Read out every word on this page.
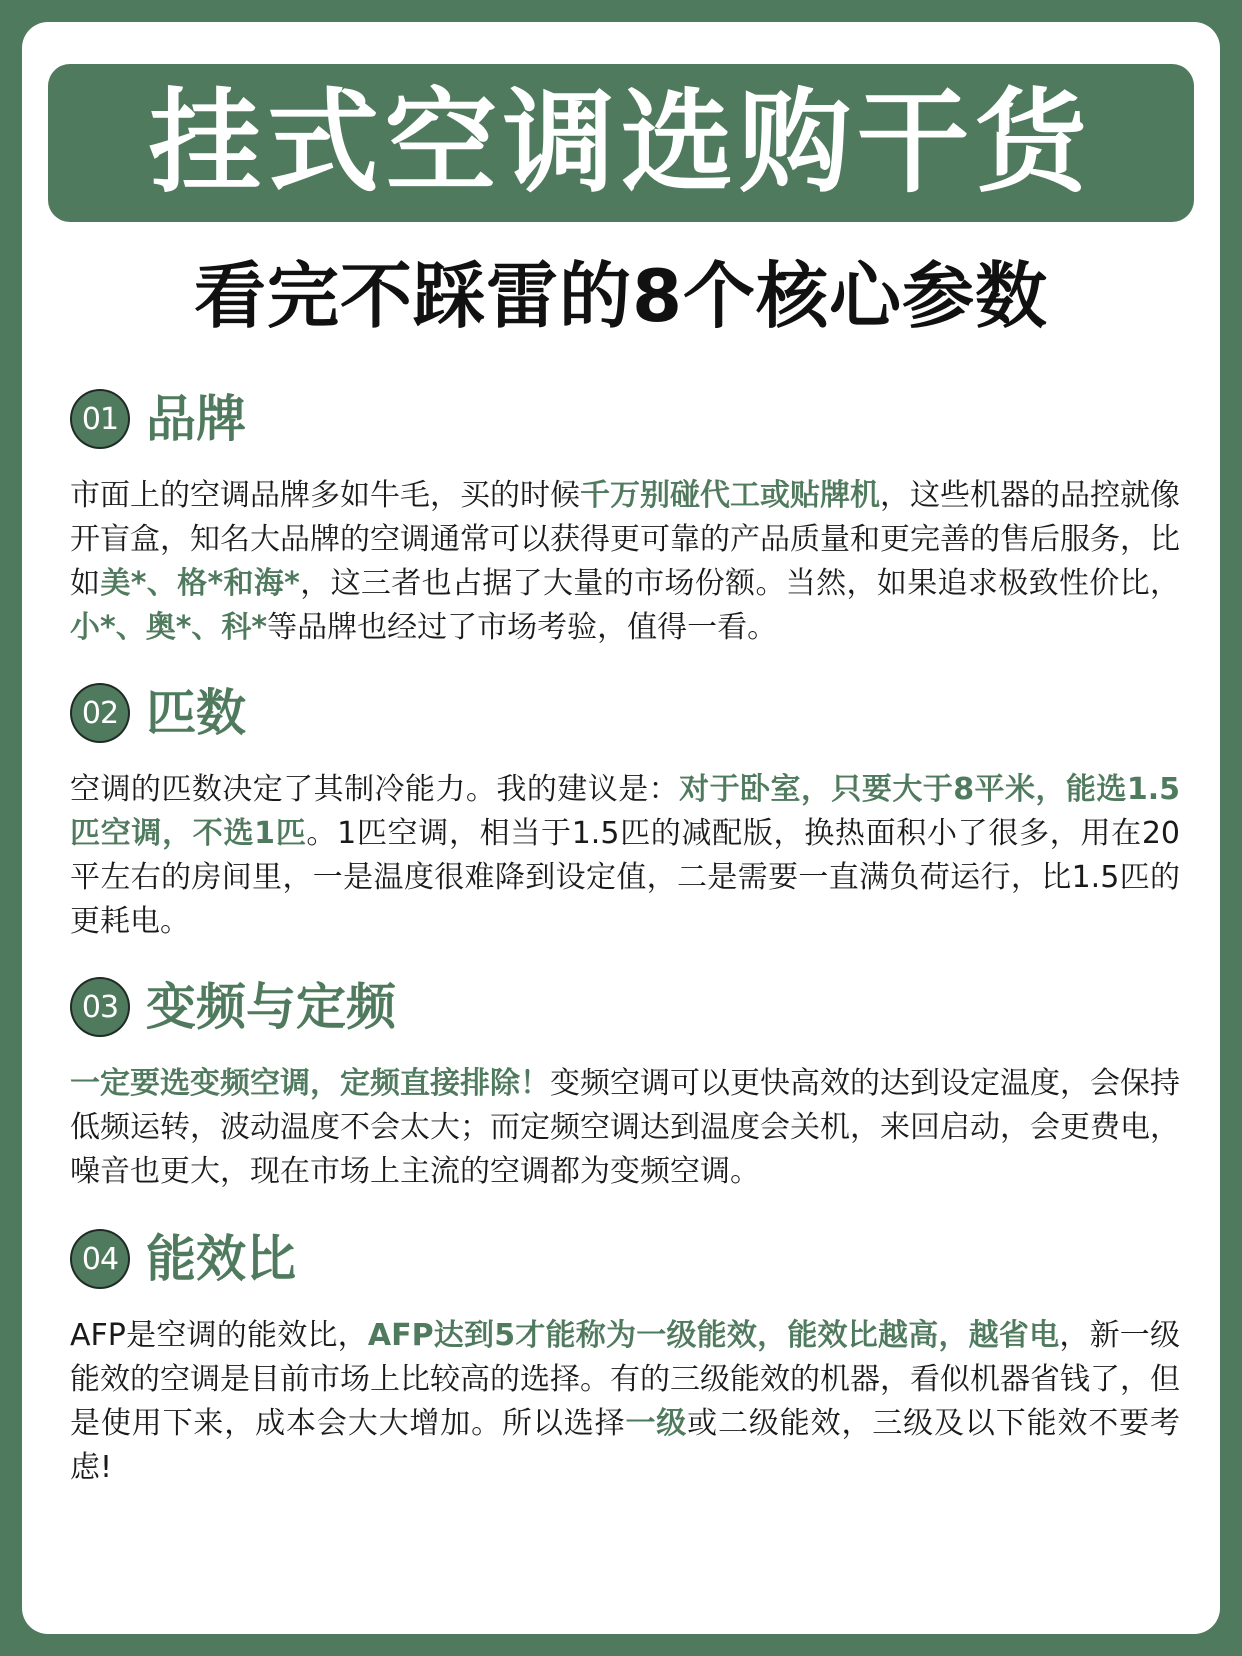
挂式空调选购干货
看完不踩雷的8个核心参数
01 品牌
市面上的空调品牌多如牛毛，买的时候千万别碰代工或贴牌机，这些机器的品控就像开盲盒，知名大品牌的空调通常可以获得更可靠的产品质量和更完善的售后服务，比如美*、格*和海*，这三者也占据了大量的市场份额。当然，如果追求极致性价比，小*、奥*、科*等品牌也经过了市场考验，值得一看。
02 匹数
空调的匹数决定了其制冷能力。我的建议是：对于卧室，只要大于8平米，能选1.5匹空调，不选1匹。1匹空调，相当于1.5匹的减配版，换热面积小了很多，用在20平左右的房间里，一是温度很难降到设定值，二是需要一直满负荷运行，比1.5匹的更耗电。
03 变频与定频
一定要选变频空调，定频直接排除！变频空调可以更快高效的达到设定温度，会保持低频运转，波动温度不会太大；而定频空调达到温度会关机，来回启动，会更费电，噪音也更大，现在市场上主流的空调都为变频空调。
04 能效比
AFP是空调的能效比，AFP达到5才能称为一级能效，能效比越高，越省电，新一级能效的空调是目前市场上比较高的选择。有的三级能效的机器，看似机器省钱了，但是使用下来，成本会大大增加。所以选择一级或二级能效，三级及以下能效不要考虑!
